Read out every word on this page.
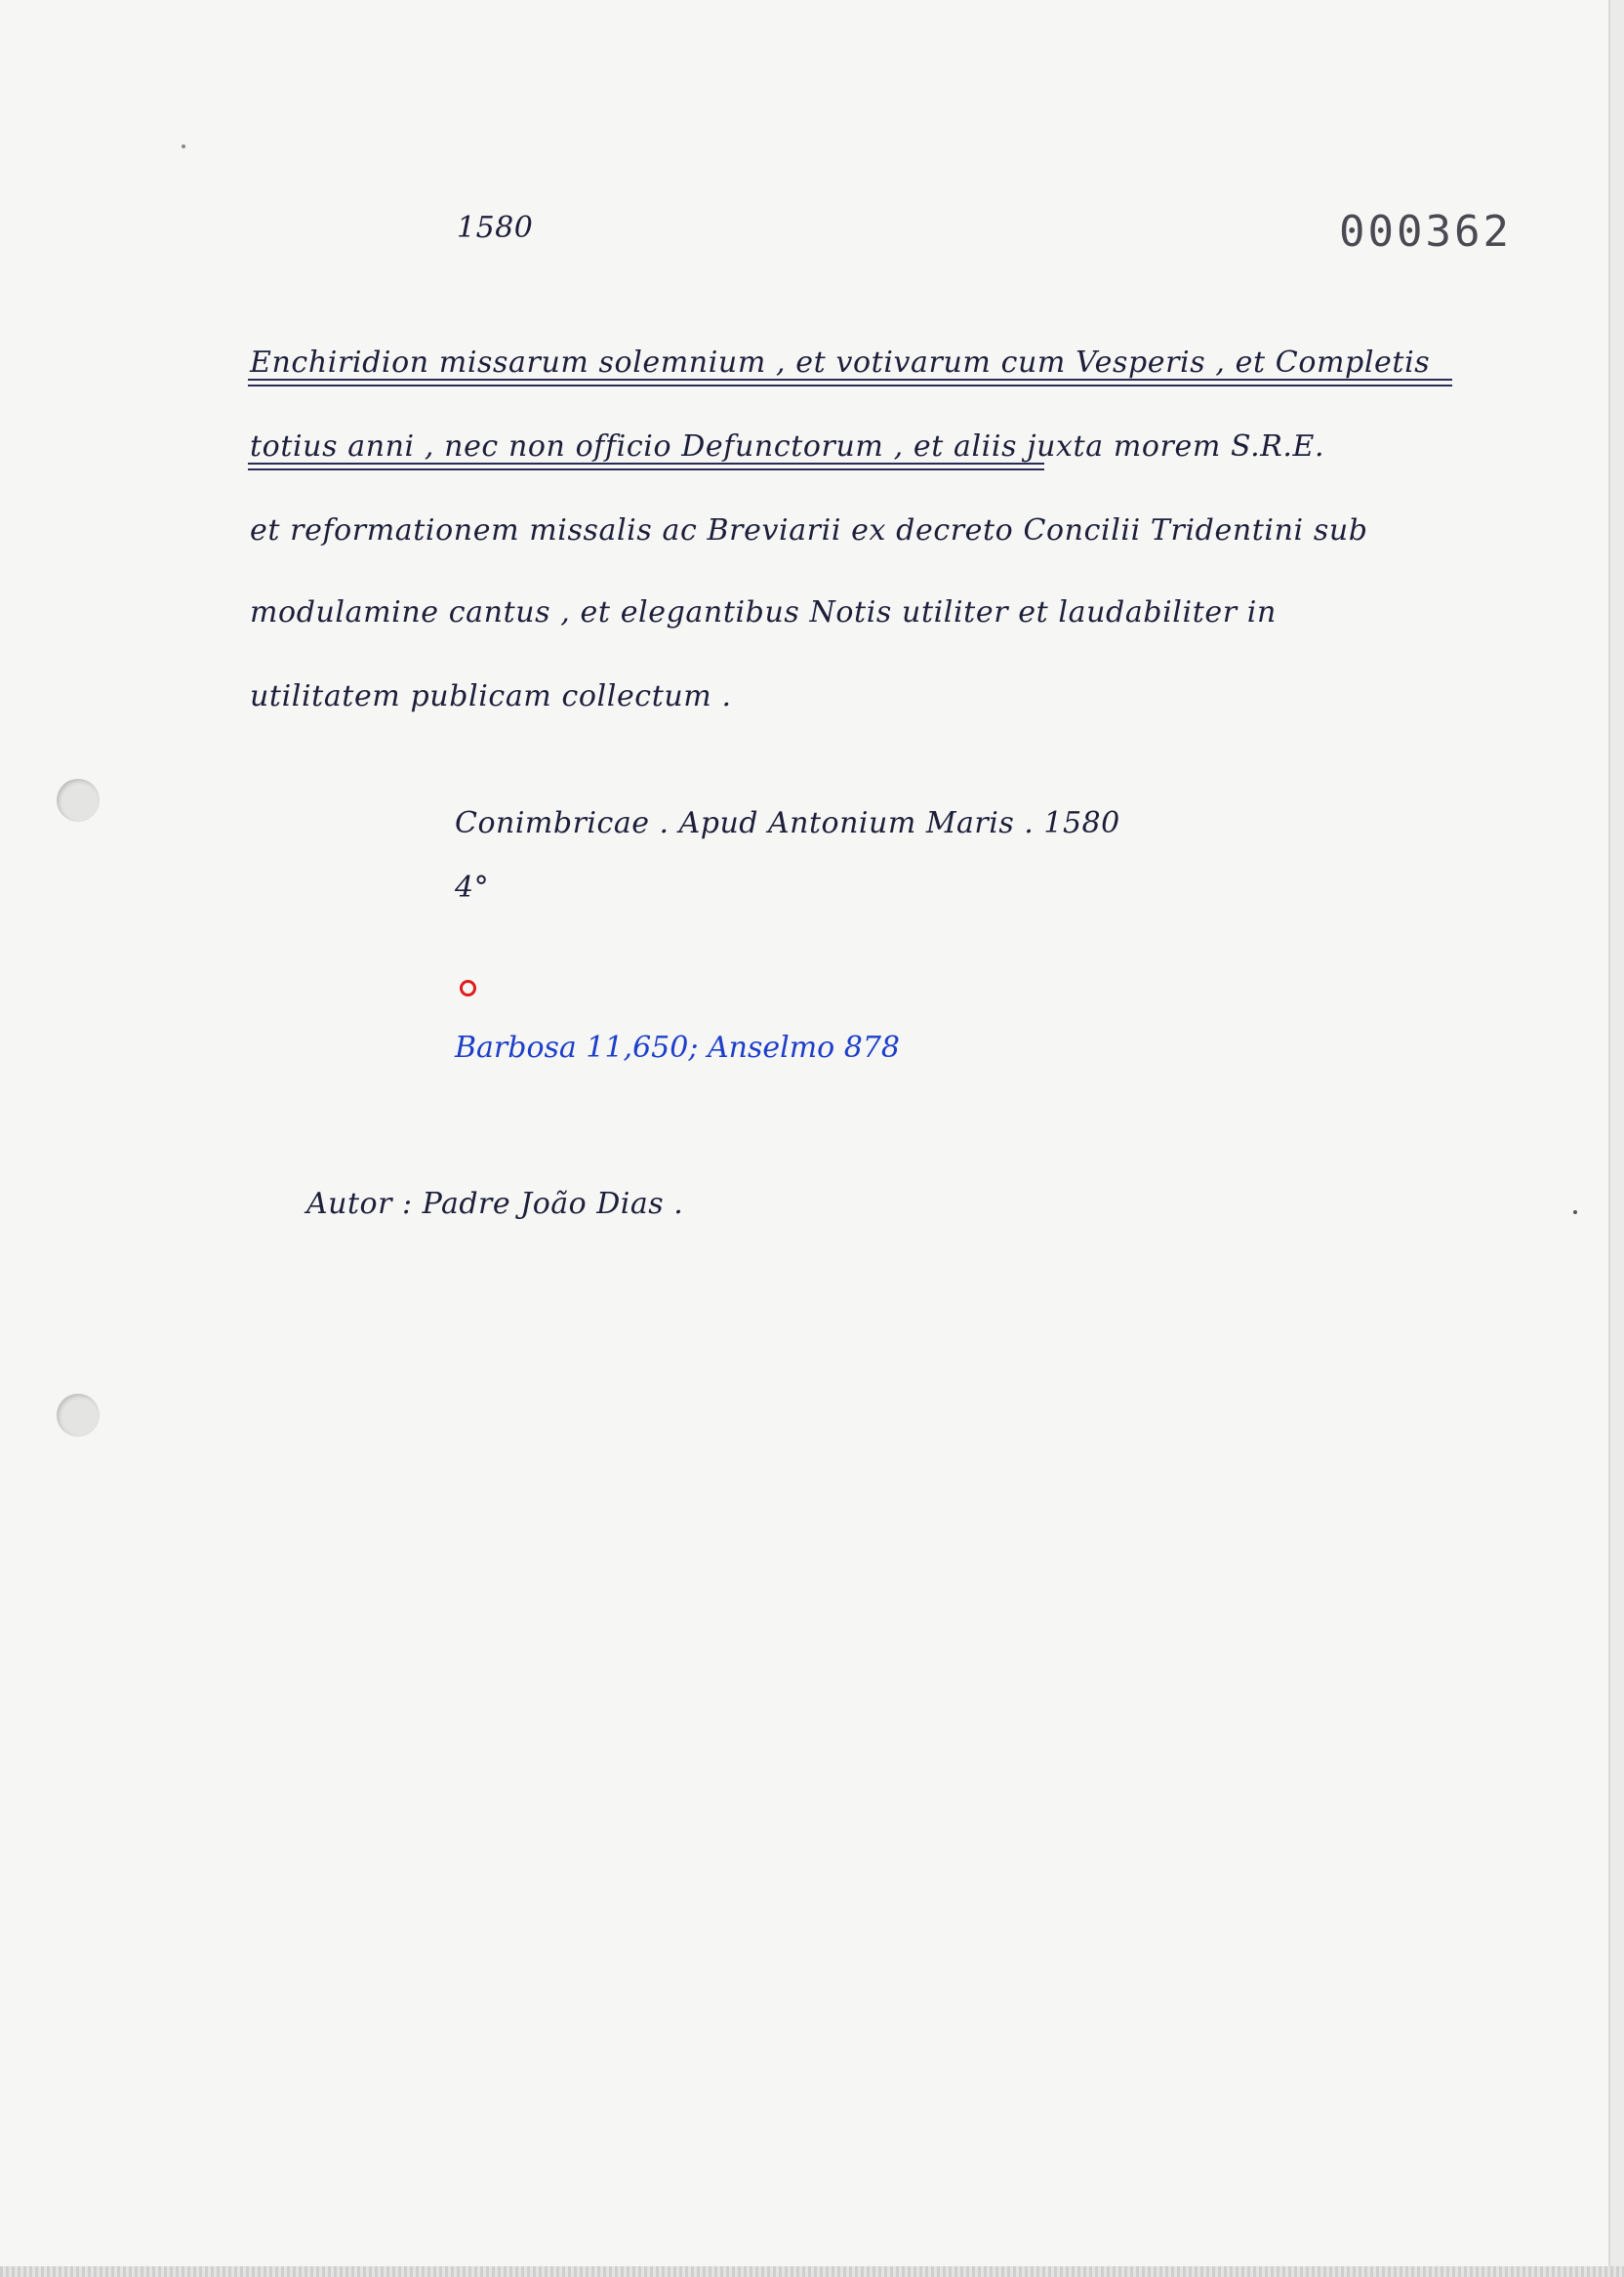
1580	000362
Enchiridion missarum solemnium , et votivarum cum Vesperis , et Completis
totius anni , nec non officio Defunctorum , et aliis juxta morem S.R.E.
et reformationem missalis ac Breviarii ex decreto Concilii Tridentini sub
modulamine cantus , et elegantibus Notis utiliter et laudabiliter in
utilitatem publicam collectum .
Conimbricae . Apud Antonium Maris . 1580
4°
Barbosa 11,650; Anselmo 878
Autor : Padre João Dias .
